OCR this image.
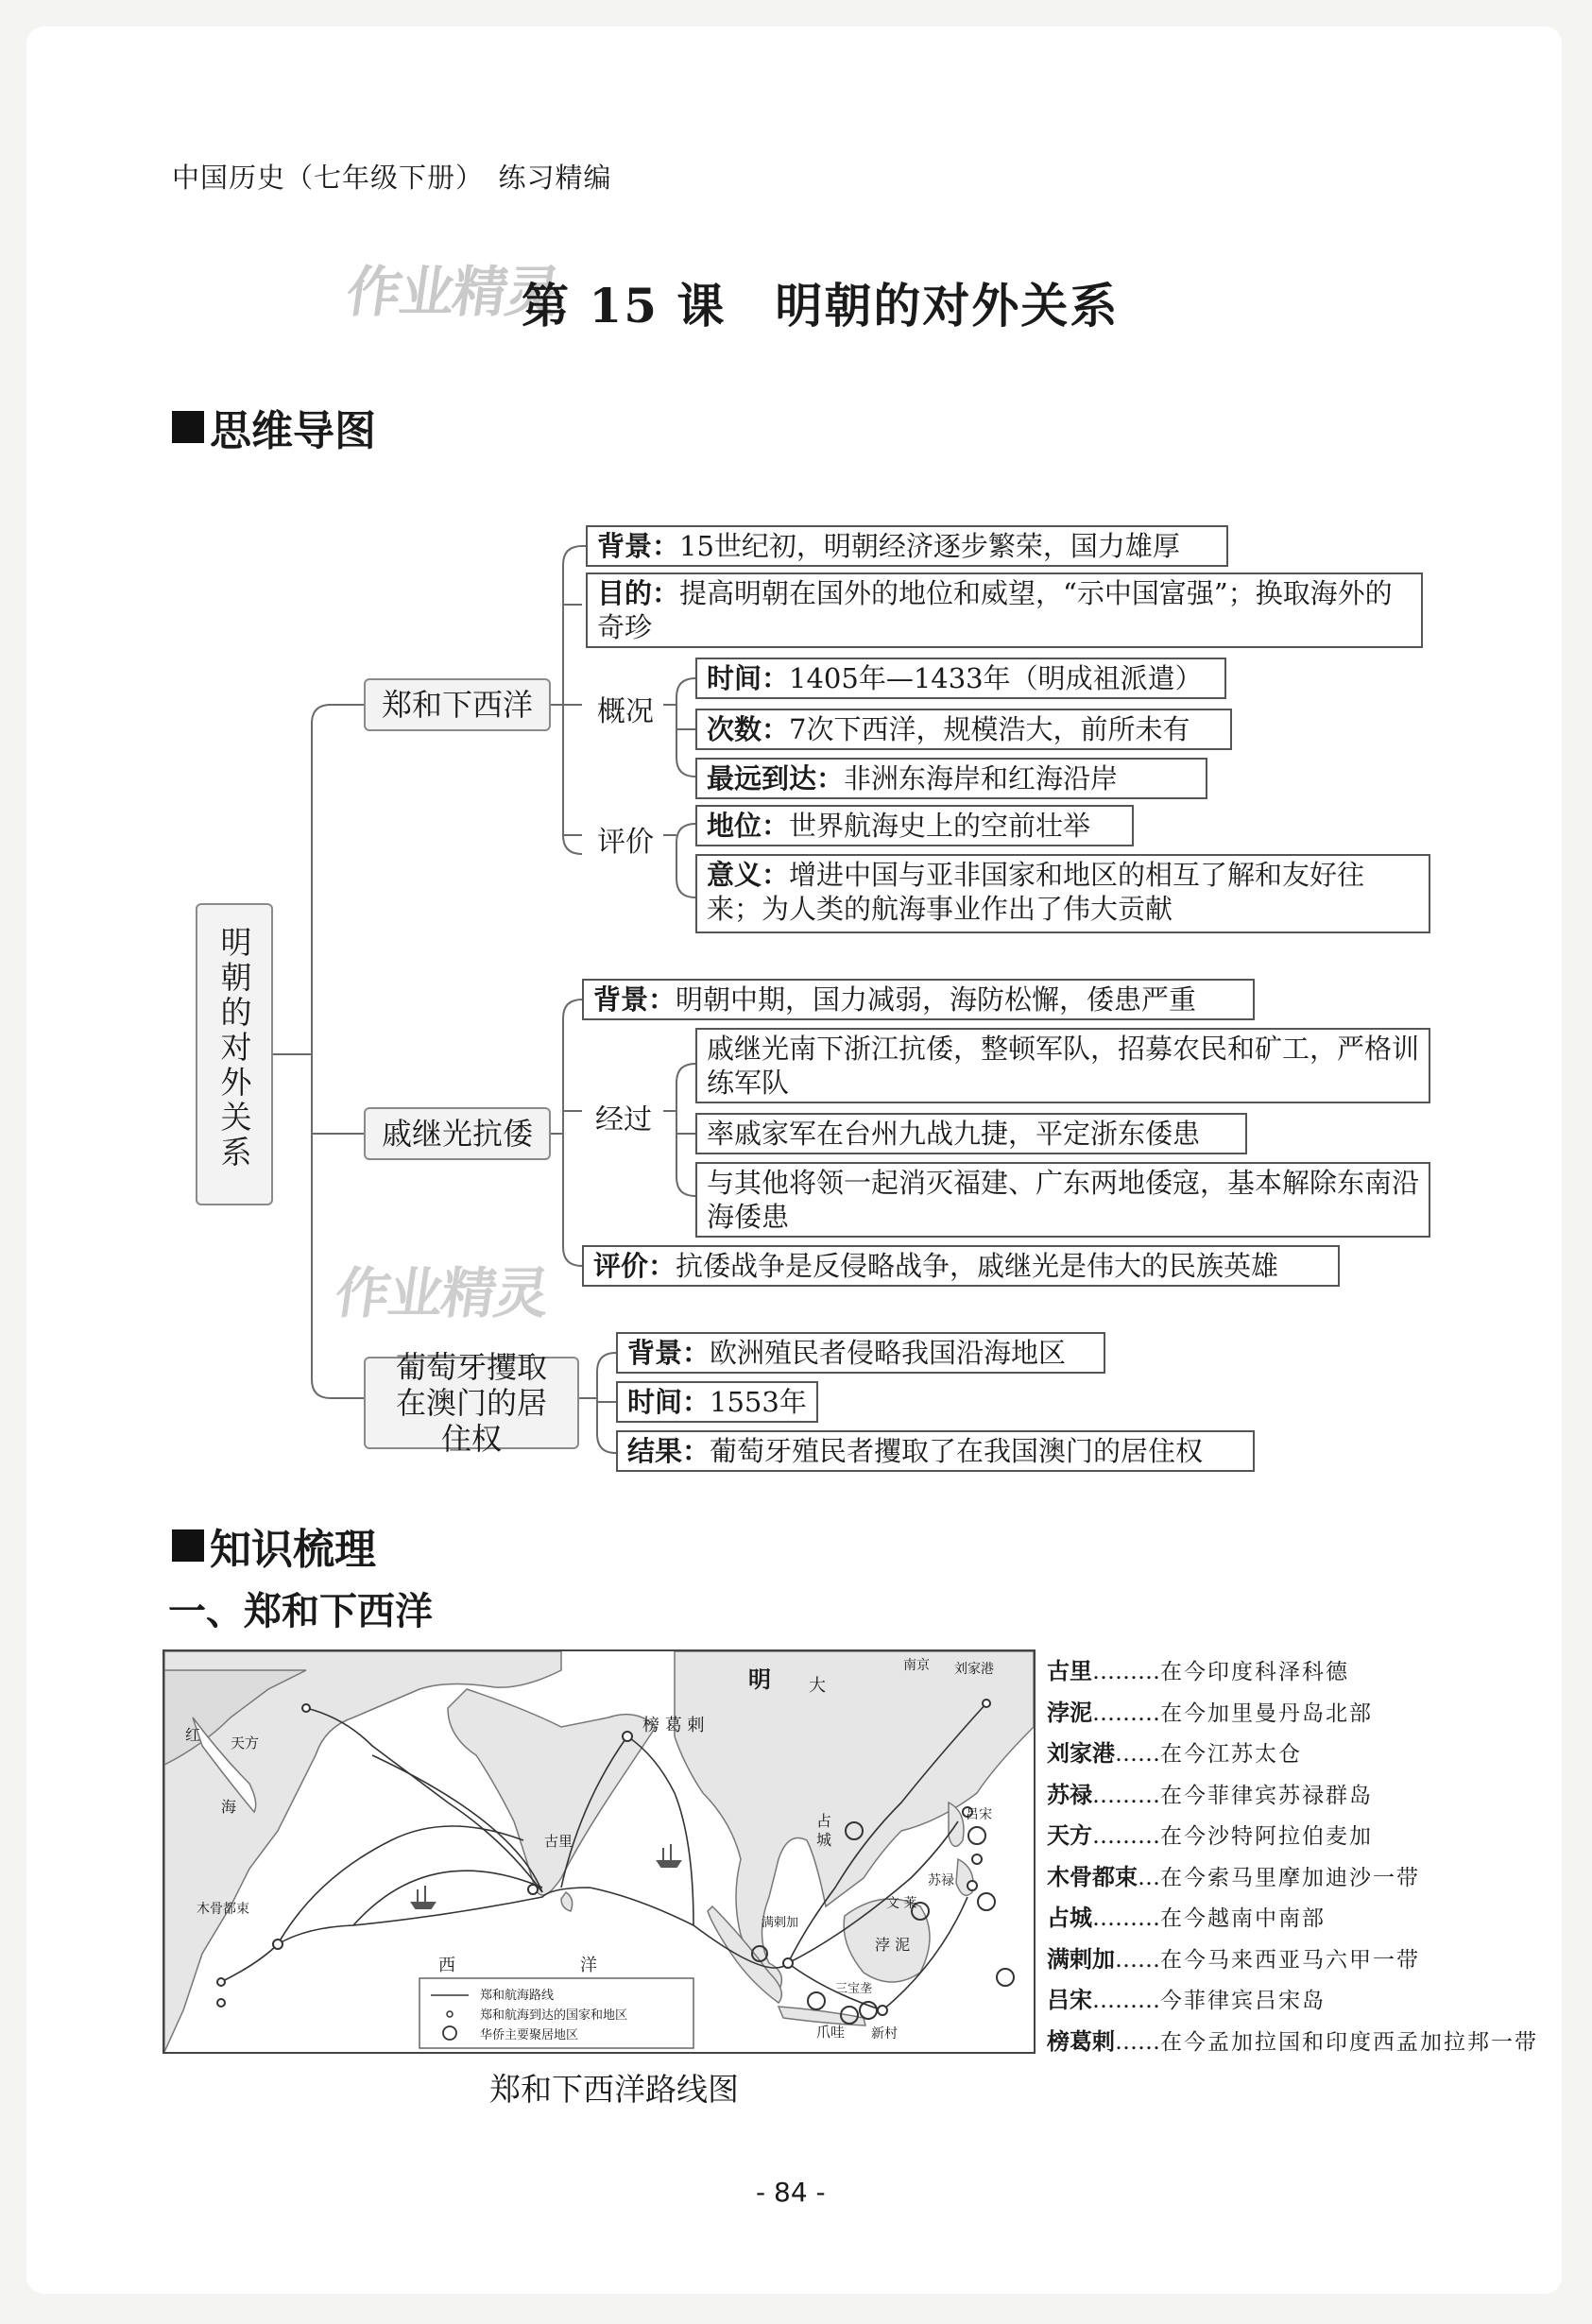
中国历史（七年级下册）　练习精编
作业精灵
第 15 课　明朝的对外关系
思维导图
明朝的对外关系
郑和下西洋
背景 ： 15世纪初，明朝经济逐步繁荣，国力雄厚
目的：提高明朝在国外的地位和威望，“示中国富强”；换取海外的奇珍
概况
时间 ： 1405年—1433年（明成祖派遣）
次数 ： 7次下西洋，规模浩大，前所未有
最远到达 ： 非洲东海岸和红海沿岸
评价 地位 ： 世界航海史上的空前壮举
意义：增进中国与亚非国家和地区的相互了解和友好往来；为人类的航海事业作出了伟大贡献
戚继光抗倭
背景 ： 明朝中期，国力减弱，海防松懈，倭患严重
经过
戚继光南下浙江抗倭，整顿军队，招募农民和矿工，严格训练军队
率戚家军在台州九战九捷，平定浙东倭患
与其他将领一起消灭福建、广东两地倭寇，基本解除东南沿海倭患
评价 ： 抗倭战争是反侵略战争，戚继光是伟大的民族英雄
作业精灵
葡萄牙攫取在澳门的居住权
背景 ： 欧洲殖民者侵略我国沿海地区
时间 ： 1553年
结果 ： 葡萄牙殖民者攫取了在我国澳门的居住权
知识梳理
一、郑和下西洋
明 大
南京 刘家港
榜 葛 剌
红
海
天方
古里
占 城
吕宋
苏禄
文 莱
浡 泥
满剌加
三宝垄
爪哇 新村
木骨都束
西	洋
郑和航海路线
郑和航海到达的国家和地区
华侨主要聚居地区
郑和下西洋路线图
古里………在今印度科泽科德
浡泥………在今加里曼丹岛北部
刘家港……在今江苏太仓
苏禄………在今菲律宾苏禄群岛
天方………在今沙特阿拉伯麦加
木骨都束…在今索马里摩加迪沙一带
占城………在今越南中南部
满剌加……在今马来西亚马六甲一带
吕宋………今菲律宾吕宋岛
榜葛剌……在今孟加拉国和印度西孟加拉邦一带
- 84 -
